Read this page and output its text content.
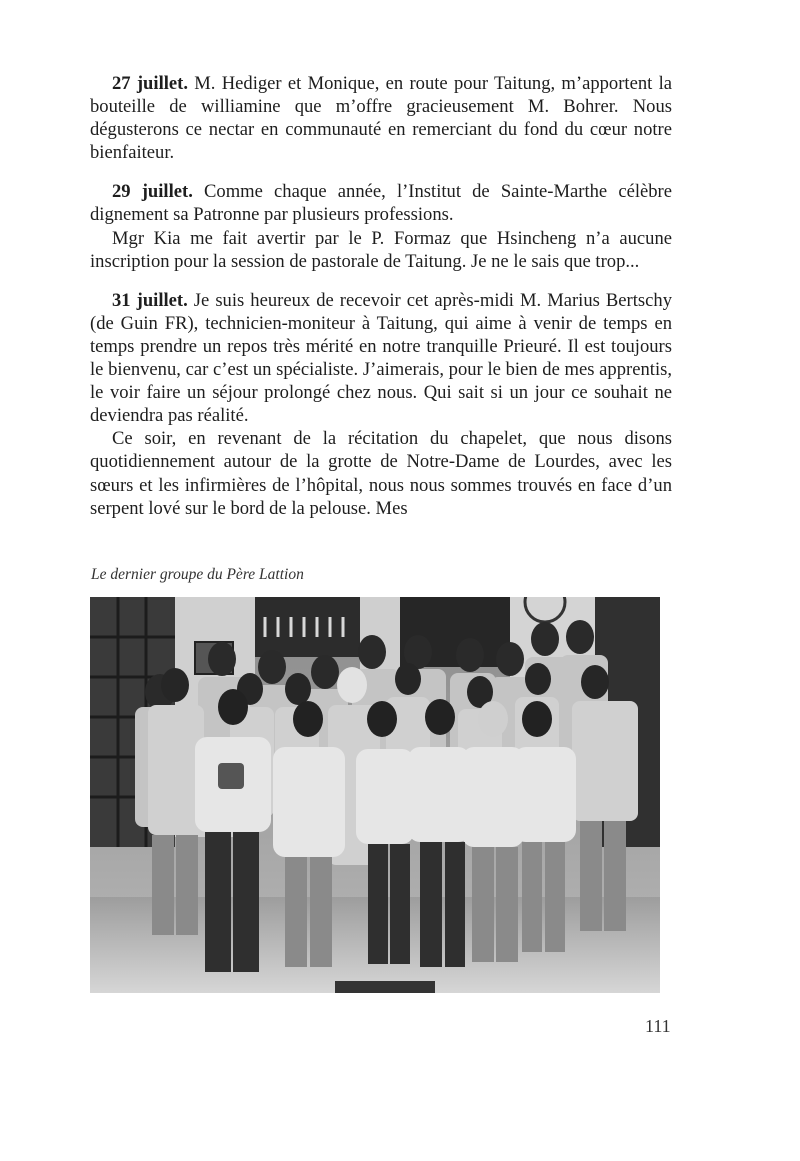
27 juillet. M. Hediger et Monique, en route pour Taitung, m’apportent la bouteille de williamine que m’offre gracieusement M. Bohrer. Nous dégusterons ce nectar en communauté en remerciant du fond du cœur notre bienfaiteur.

29 juillet. Comme chaque année, l’Institut de Sainte-Marthe célèbre dignement sa Patronne par plusieurs professions.

Mgr Kia me fait avertir par le P. Formaz que Hsincheng n’a aucune inscription pour la session de pastorale de Taitung. Je ne le sais que trop...

31 juillet. Je suis heureux de recevoir cet après-midi M. Marius Bertschy (de Guin FR), technicien-moniteur à Taitung, qui aime à venir de temps en temps prendre un repos très mérité en notre tranquille Prieuré. Il est toujours le bienvenu, car c’est un spécialiste. J’aimerais, pour le bien de mes apprentis, le voir faire un séjour prolongé chez nous. Qui sait si un jour ce souhait ne deviendra pas réalité.

Ce soir, en revenant de la récitation du chapelet, que nous disons quotidiennement autour de la grotte de Notre-Dame de Lourdes, avec les sœurs et les infirmières de l’hôpital, nous nous sommes trouvés en face d’un serpent lové sur le bord de la pelouse. Mes

Le dernier groupe du Père Lattion
111
